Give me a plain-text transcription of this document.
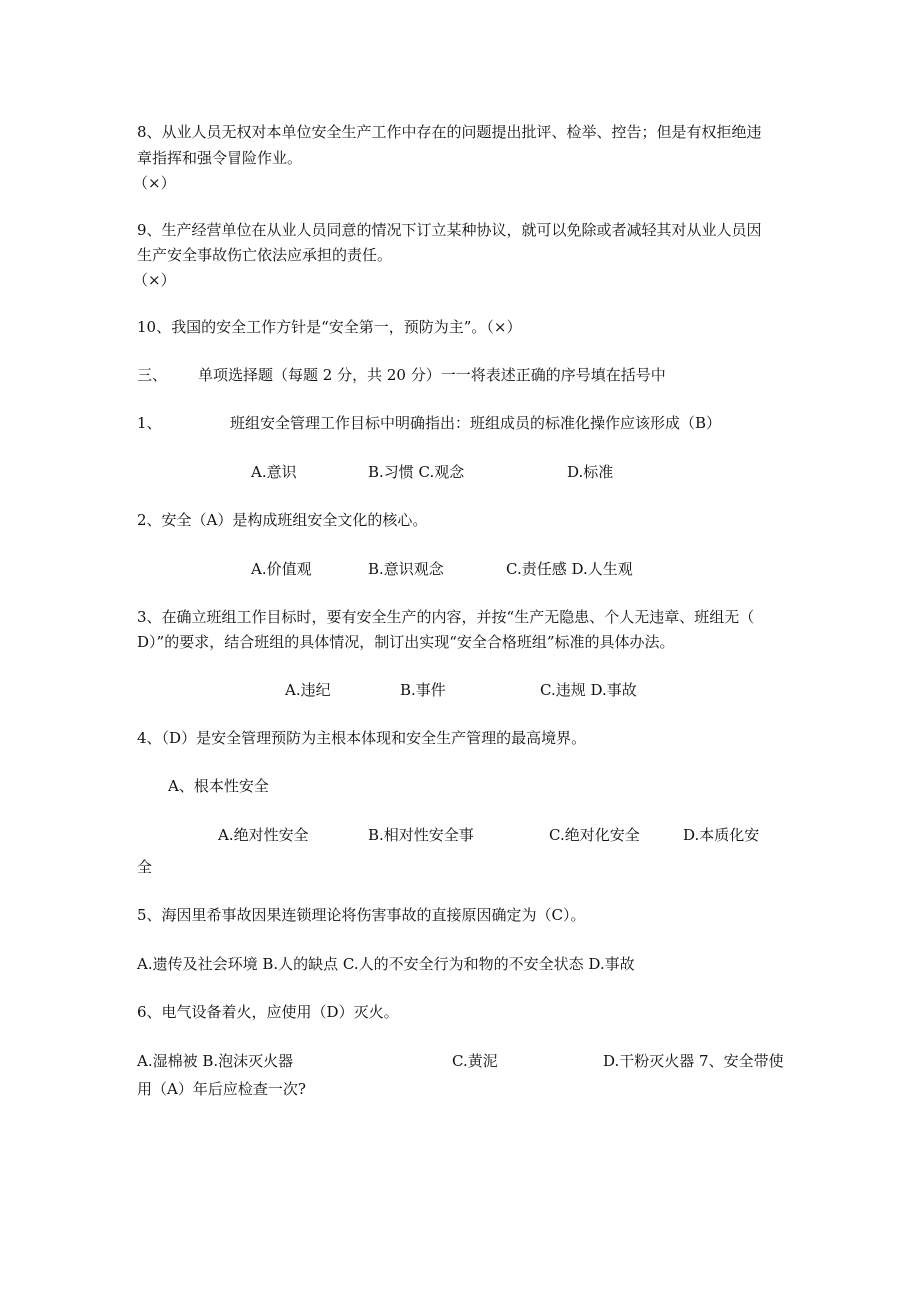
8、从业人员无权对本单位安全生产工作中存在的问题提出批评、检举、控告；但是有权拒绝违
章指挥和强令冒险作业。
（×）
9、生产经营单位在从业人员同意的情况下订立某种协议，就可以免除或者减轻其对从业人员因
生产安全事故伤亡依法应承担的责任。
（×）
10、我国的安全工作方针是“安全第一，预防为主”。（×）
三、 单项选择题（每题 2 分，共 20 分）一一将表述正确的序号填在括号中
1、	班组安全管理工作目标中明确指出：班组成员的标准化操作应该形成（B）
A.意识	B.习惯 C.观念	D.标准
2、安全（A）是构成班组安全文化的核心。
A.价值观	B.意识观念	C.责任感 D.人生观
3、在确立班组工作目标时，要有安全生产的内容，并按“生产无隐患、个人无违章、班组无（
D）”的要求，结合班组的具体情况，制订出实现“安全合格班组”标准的具体办法。
A.违纪	B.事件	C.违规 D.事故
4、（D）是安全管理预防为主根本体现和安全生产管理的最高境界。
A、根本性安全
A.绝对性安全	B.相对性安全事	C.绝对化安全	D.本质化安
全
5、海因里希事故因果连锁理论将伤害事故的直接原因确定为（C）。
A.遗传及社会环境 B.人的缺点 C.人的不安全行为和物的不安全状态 D.事故
6、电气设备着火，应使用（D）灭火。
A.湿棉被 B.泡沫灭火器	C.黄泥	D.干粉灭火器 7、安全带使
用（A）年后应检查一次?
